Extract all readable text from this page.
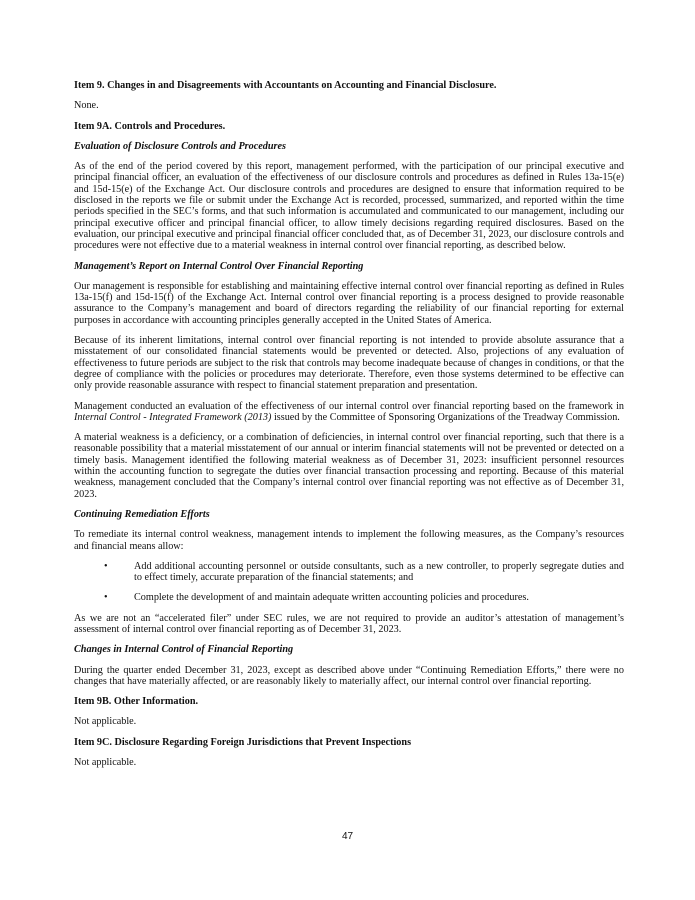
Item 9. Changes in and Disagreements with Accountants on Accounting and Financial Disclosure.

None.

Item 9A. Controls and Procedures.
Evaluation of Disclosure Controls and Procedures

As of the end of the period covered by this report, management performed, with the participation of our principal executive and principal financial officer, an evaluation of the effectiveness of our disclosure controls and procedures as defined in Rules 13a-15(e) and 15d-15(e) of the Exchange Act. Our disclosure controls and procedures are designed to ensure that information required to be disclosed in the reports we file or submit under the Exchange Act is recorded, processed, summarized, and reported within the time periods specified in the SEC’s forms, and that such information is accumulated and communicated to our management, including our principal executive officer and principal financial officer, to allow timely decisions regarding required disclosures. Based on the evaluation, our principal executive and principal financial officer concluded that, as of December 31, 2023, our disclosure controls and procedures were not effective due to a material weakness in internal control over financial reporting, as described below.

Management’s Report on Internal Control Over Financial Reporting

Our management is responsible for establishing and maintaining effective internal control over financial reporting as defined in Rules 13a-15(f) and 15d-15(f) of the Exchange Act. Internal control over financial reporting is a process designed to provide reasonable assurance to the Company’s management and board of directors regarding the reliability of our financial reporting for external purposes in accordance with accounting principles generally accepted in the United States of America.

Because of its inherent limitations, internal control over financial reporting is not intended to provide absolute assurance that a misstatement of our consolidated financial statements would be prevented or detected. Also, projections of any evaluation of effectiveness to future periods are subject to the risk that controls may become inadequate because of changes in conditions, or that the degree of compliance with the policies or procedures may deteriorate. Therefore, even those systems determined to be effective can only provide reasonable assurance with respect to financial statement preparation and presentation.

Management conducted an evaluation of the effectiveness of our internal control over financial reporting based on the framework in Internal Control - Integrated Framework (2013) issued by the Committee of Sponsoring Organizations of the Treadway Commission.

A material weakness is a deficiency, or a combination of deficiencies, in internal control over financial reporting, such that there is a reasonable possibility that a material misstatement of our annual or interim financial statements will not be prevented or detected on a timely basis. Management identified the following material weakness as of December 31, 2023: insufficient personnel resources within the accounting function to segregate the duties over financial transaction processing and reporting. Because of this material weakness, management concluded that the Company’s internal control over financial reporting was not effective as of December 31, 2023.

Continuing Remediation Efforts

To remediate its internal control weakness, management intends to implement the following measures, as the Company’s resources and financial means allow:

•	Add additional accounting personnel or outside consultants, such as a new controller, to properly segregate duties and to effect timely, accurate preparation of the financial statements; and
•	Complete the development of and maintain adequate written accounting policies and procedures.

As we are not an “accelerated filer” under SEC rules, we are not required to provide an auditor’s attestation of management’s assessment of internal control over financial reporting as of December 31, 2023.

Changes in Internal Control of Financial Reporting

During the quarter ended December 31, 2023, except as described above under “Continuing Remediation Efforts,” there were no changes that have materially affected, or are reasonably likely to materially affect, our internal control over financial reporting.

Item 9B. Other Information.

Not applicable.

Item 9C. Disclosure Regarding Foreign Jurisdictions that Prevent Inspections

Not applicable.

47
